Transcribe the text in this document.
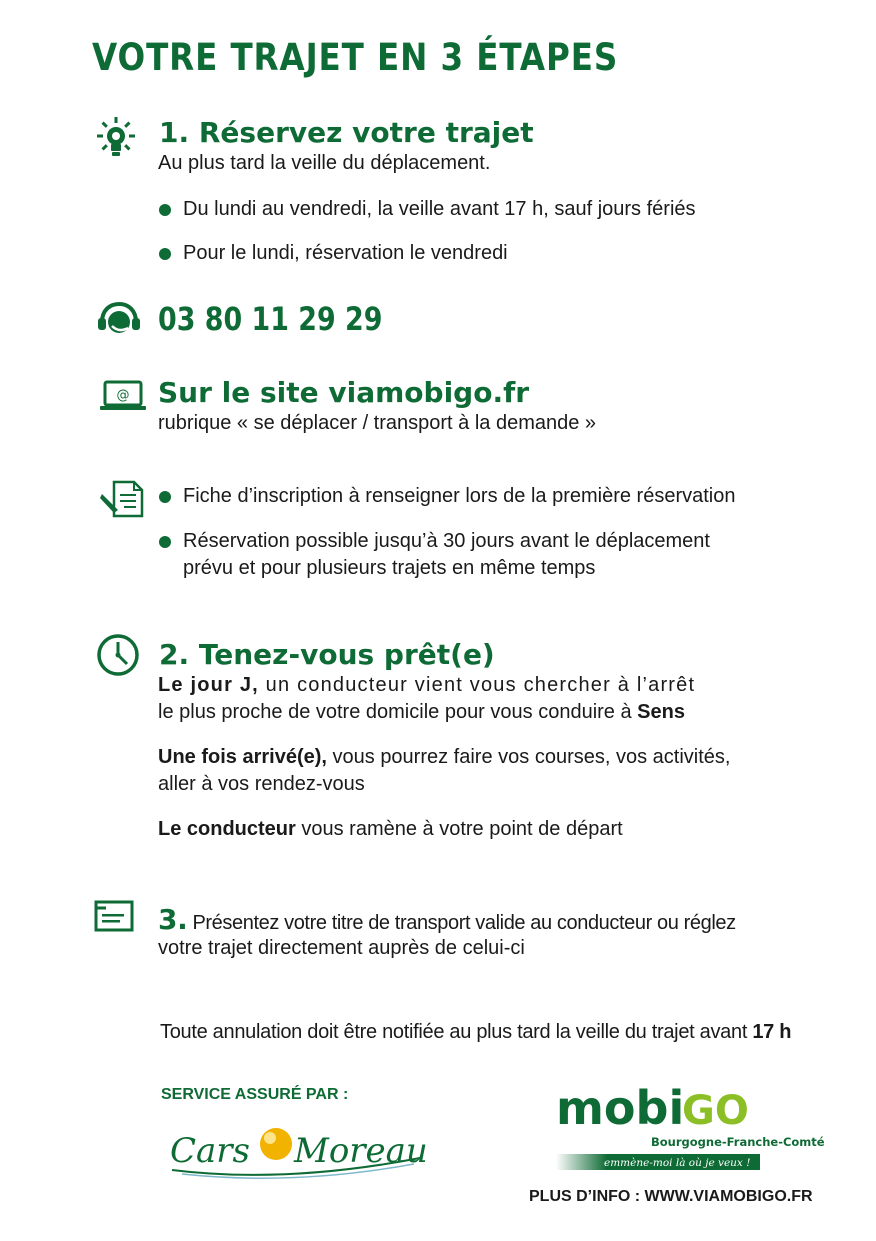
VOTRE TRAJET EN 3 ÉTAPES
1. Réservez votre trajet
Au plus tard la veille du déplacement.
Du lundi au vendredi, la veille avant 17 h, sauf jours fériés
Pour le lundi, réservation le vendredi
03 80 11 29 29
@ Sur le site viamobigo.fr
rubrique « se déplacer / transport à la demande »
Fiche d’inscription à renseigner lors de la première réservation
Réservation possible jusqu’à 30 jours avant le déplacement
prévu et pour plusieurs trajets en même temps
2. Tenez-vous prêt(e)
Le jour J, un conducteur vient vous chercher à l’arrêt
le plus proche de votre domicile pour vous conduire à Sens
Une fois arrivé(e), vous pourrez faire vos courses, vos activités,
aller à vos rendez-vous
Le conducteur vous ramène à votre point de départ
3. Présentez votre titre de transport valide au conducteur ou réglez
votre trajet directement auprès de celui-ci
Toute annulation doit être notifiée au plus tard la veille du trajet avant 17 h
SERVICE ASSURÉ PAR :
Cars Moreau
mobi
GO
Bourgogne-Franche-Comté
emmène-moi là où je veux !
PLUS D’INFO : WWW.VIAMOBIGO.FR
